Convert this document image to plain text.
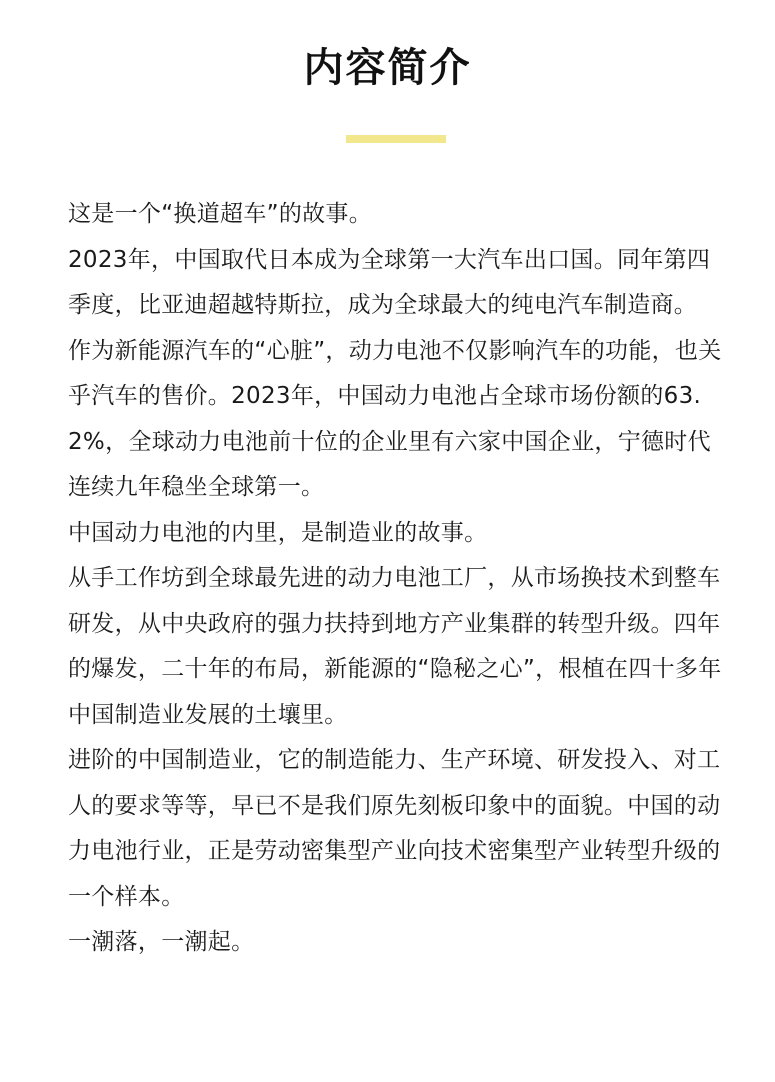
内容简介

这是一个“换道超车”的故事。

2023年，中国取代日本成为全球第一大汽车出口国。同年第四季度，比亚迪超越特斯拉，成为全球最大的纯电汽车制造商。

作为新能源汽车的“心脏”，动力电池不仅影响汽车的功能，也关乎汽车的售价。2023年，中国动力电池占全球市场份额的63.2%，全球动力电池前十位的企业里有六家中国企业，宁德时代连续九年稳坐全球第一。

中国动力电池的内里，是制造业的故事。

从手工作坊到全球最先进的动力电池工厂，从市场换技术到整车研发，从中央政府的强力扶持到地方产业集群的转型升级。四年的爆发，二十年的布局，新能源的“隐秘之心”，根植在四十多年中国制造业发展的土壤里。

进阶的中国制造业，它的制造能力、生产环境、研发投入、对工人的要求等等，早已不是我们原先刻板印象中的面貌。中国的动力电池行业，正是劳动密集型产业向技术密集型产业转型升级的一个样本。

一潮落，一潮起。
